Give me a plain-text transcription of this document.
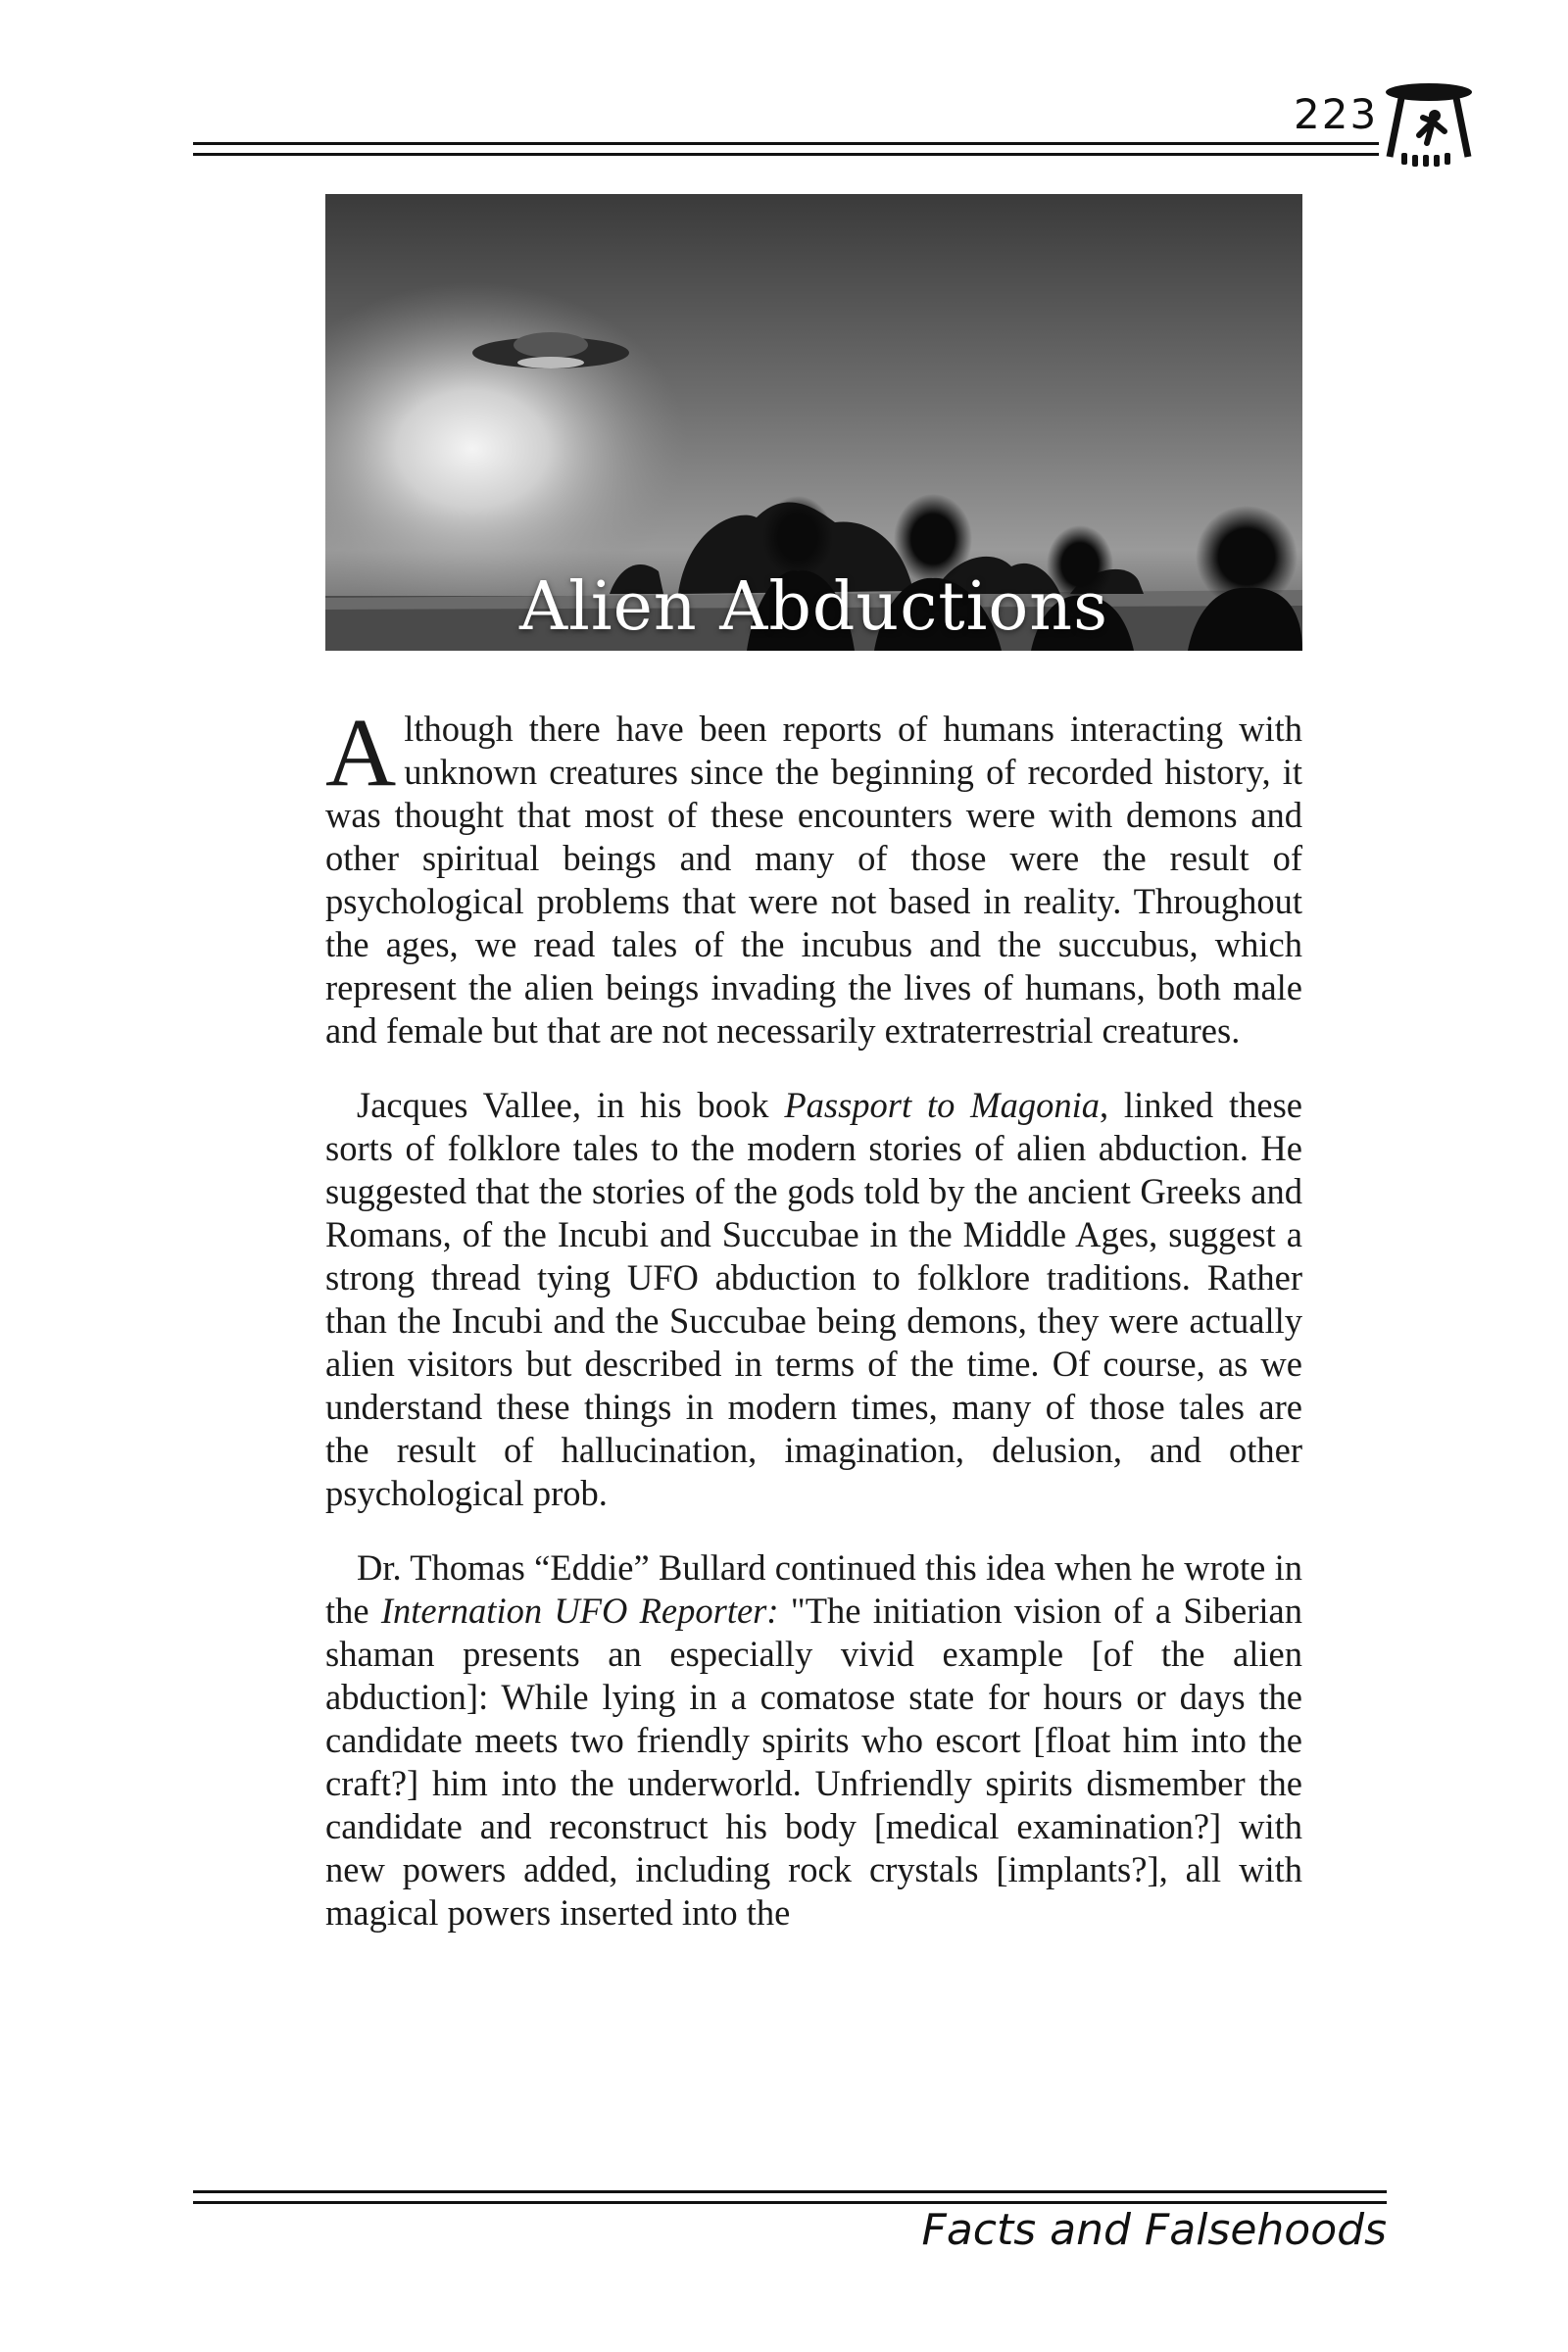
223
Alien Abductions

Although there have been reports of humans interacting with unknown creatures since the beginning of recorded history, it was thought that most of these encounters were with demons and other spiritual beings and many of those were the result of psychological problems that were not based in reality. Throughout the ages, we read tales of the incubus and the succubus, which represent the alien beings invading the lives of humans, both male and female but that are not necessarily extraterrestrial creatures.

Jacques Vallee, in his book Passport to Magonia, linked these sorts of folklore tales to the modern stories of alien abduction. He suggested that the stories of the gods told by the ancient Greeks and Romans, of the Incubi and Succubae in the Middle Ages, suggest a strong thread tying UFO abduction to folklore traditions. Rather than the Incubi and the Succubae being demons, they were actually alien visitors but described in terms of the time. Of course, as we understand these things in modern times, many of those tales are the result of hallucination, imagination, delusion, and other psychological prob.

Dr. Thomas “Eddie” Bullard continued this idea when he wrote in the Internation UFO Reporter: "The initiation vision of a Siberian shaman presents an especially vivid example [of the alien abduction]: While lying in a comatose state for hours or days the candidate meets two friendly spirits who escort [float him into the craft?] him into the underworld. Unfriendly spirits dismember the candidate and reconstruct his body [medical examination?] with new powers added, including rock crystals [implants?], all with magical powers inserted into the

Facts and Falsehoods
